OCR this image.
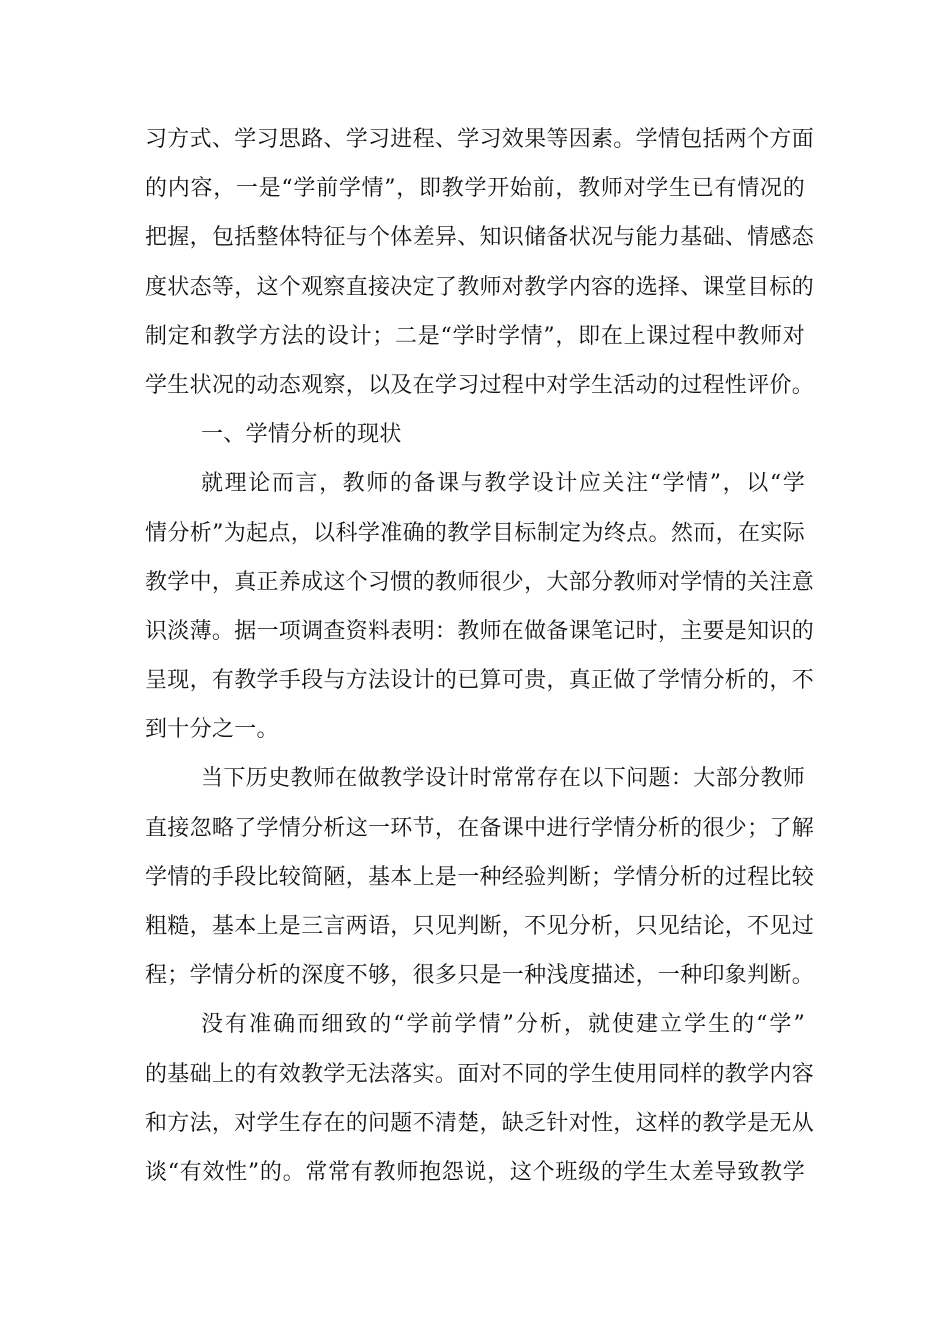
习方式、学习思路、学习进程、学习效果等因素。学情包括两个方面
的内容，一是“学前学情”，即教学开始前，教师对学生已有情况的
把握，包括整体特征与个体差异、知识储备状况与能力基础、情感态
度状态等，这个观察直接决定了教师对教学内容的选择、课堂目标的
制定和教学方法的设计；二是“学时学情”，即在上课过程中教师对
学生状况的动态观察，以及在学习过程中对学生活动的过程性评价。
一、学情分析的现状
就理论而言，教师的备课与教学设计应关注“学情”，以“学
情分析”为起点，以科学准确的教学目标制定为终点。然而，在实际
教学中，真正养成这个习惯的教师很少，大部分教师对学情的关注意
识淡薄。据一项调查资料表明：教师在做备课笔记时，主要是知识的
呈现，有教学手段与方法设计的已算可贵，真正做了学情分析的，不
到十分之一。
当下历史教师在做教学设计时常常存在以下问题：大部分教师
直接忽略了学情分析这一环节，在备课中进行学情分析的很少；了解
学情的手段比较简陋，基本上是一种经验判断；学情分析的过程比较
粗糙，基本上是三言两语，只见判断，不见分析，只见结论，不见过
程；学情分析的深度不够，很多只是一种浅度描述，一种印象判断。
没有准确而细致的“学前学情”分析，就使建立学生的“学”
的基础上的有效教学无法落实。面对不同的学生使用同样的教学内容
和方法，对学生存在的问题不清楚，缺乏针对性，这样的教学是无从
谈“有效性”的。常常有教师抱怨说，这个班级的学生太差导致教学
